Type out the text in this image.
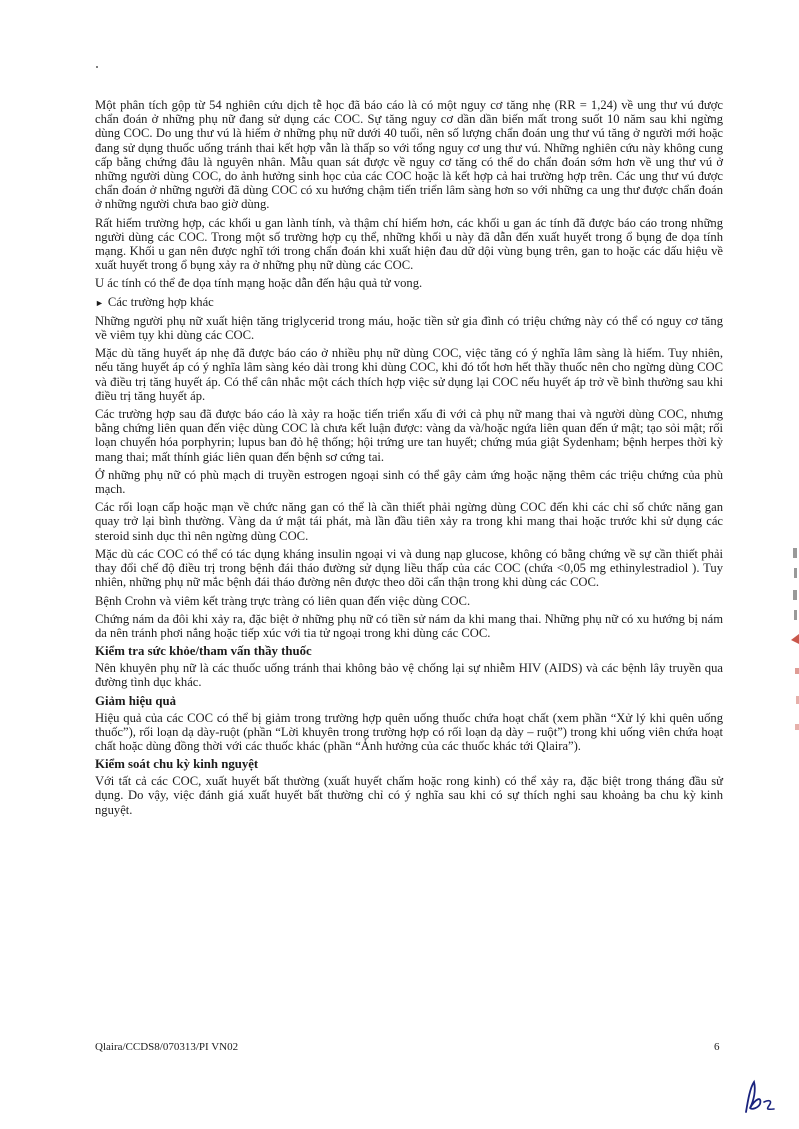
Một phân tích gộp từ 54 nghiên cứu dịch tễ học đã báo cáo là có một nguy cơ tăng nhẹ (RR = 1,24) về ung thư vú được chẩn đoán ở những phụ nữ đang sử dụng các COC. Sự tăng nguy cơ dần dần biến mất trong suốt 10 năm sau khi ngừng dùng COC. Do ung thư vú là hiếm ở những phụ nữ dưới 40 tuổi, nên số lượng chẩn đoán ung thư vú tăng ở người mới hoặc đang sử dụng thuốc uống tránh thai kết hợp vẫn là thấp so với tổng nguy cơ ung thư vú. Những nghiên cứu này không cung cấp bằng chứng đâu là nguyên nhân. Mẫu quan sát được về nguy cơ tăng có thể do chẩn đoán sớm hơn về ung thư vú ở những người dùng COC, do ảnh hưởng sinh học của các COC hoặc là kết hợp cả hai trường hợp trên. Các ung thư vú được chẩn đoán ở những người đã dùng COC có xu hướng chậm tiến triển lâm sàng hơn so với những ca ung thư được chẩn đoán ở những người chưa bao giờ dùng.

Rất hiếm trường hợp, các khối u gan lành tính, và thậm chí hiếm hơn, các khối u gan ác tính đã được báo cáo trong những người dùng các COC. Trong một số trường hợp cụ thể, những khối u này đã dẫn đến xuất huyết trong ổ bụng đe dọa tính mạng. Khối u gan nên được nghĩ tới trong chẩn đoán khi xuất hiện đau dữ dội vùng bụng trên, gan to hoặc các dấu hiệu về xuất huyết trong ổ bụng xảy ra ở những phụ nữ dùng các COC.

U ác tính có thể đe dọa tính mạng hoặc dẫn đến hậu quả tử vong.

► Các trường hợp khác

Những người phụ nữ xuất hiện tăng triglycerid trong máu, hoặc tiền sử gia đình có triệu chứng này có thể có nguy cơ tăng về viêm tụy khi dùng các COC.

Mặc dù tăng huyết áp nhẹ đã được báo cáo ở nhiều phụ nữ dùng COC, việc tăng có ý nghĩa lâm sàng là hiếm. Tuy nhiên, nếu tăng huyết áp có ý nghĩa lâm sàng kéo dài trong khi dùng COC, khi đó tốt hơn hết thầy thuốc nên cho ngừng dùng COC và điều trị tăng huyết áp. Có thể cân nhắc một cách thích hợp việc sử dụng lại COC nếu huyết áp trở về bình thường sau khi điều trị tăng huyết áp.

Các trường hợp sau đã được báo cáo là xảy ra hoặc tiến triển xấu đi với cả phụ nữ mang thai và người dùng COC, nhưng bằng chứng liên quan đến việc dùng COC là chưa kết luận được: vàng da và/hoặc ngứa liên quan đến ứ mật; tạo sỏi mật; rối loạn chuyển hóa porphyrin; lupus ban đỏ hệ thống; hội trứng ure tan huyết; chứng múa giật Sydenham; bệnh herpes thời kỳ mang thai; mất thính giác liên quan đến bệnh sơ cứng tai.

Ở những phụ nữ có phù mạch di truyền estrogen ngoại sinh có thể gây cảm ứng hoặc nặng thêm các triệu chứng của phù mạch.

Các rối loạn cấp hoặc mạn về chức năng gan có thể là cần thiết phải ngừng dùng COC đến khi các chỉ số chức năng gan quay trở lại bình thường. Vàng da ứ mật tái phát, mà lần đầu tiên xảy ra trong khi mang thai hoặc trước khi sử dụng các steroid sinh dục thì nên ngừng dùng COC.

Mặc dù các COC có thể có tác dụng kháng insulin ngoại vi và dung nạp glucose, không có bằng chứng về sự cần thiết phải thay đổi chế độ điều trị trong bệnh đái tháo đường sử dụng liều thấp của các COC (chứa <0,05 mg ethinylestradiol ). Tuy nhiên, những phụ nữ mắc bệnh đái tháo đường nên được theo dõi cẩn thận trong khi dùng các COC.

Bệnh Crohn và viêm kết tràng trực tràng có liên quan đến việc dùng COC.

Chứng nám da đôi khi xảy ra, đặc biệt ở những phụ nữ có tiền sử nám da khi mang thai. Những phụ nữ có xu hướng bị nám da nên tránh phơi nắng hoặc tiếp xúc với tia tử ngoại trong khi dùng các COC.

Kiểm tra sức khỏe/tham vấn thầy thuốc

Nên khuyên phụ nữ là các thuốc uống tránh thai không bảo vệ chống lại sự nhiễm HIV (AIDS) và các bệnh lây truyền qua đường tình dục khác.

Giảm hiệu quả

Hiệu quả của các COC có thể bị giảm trong trường hợp quên uống thuốc chứa hoạt chất (xem phần “Xử lý khi quên uống thuốc”), rối loạn dạ dày-ruột (phần “Lời khuyên trong trường hợp có rối loạn dạ dày – ruột”) trong khi uống viên chứa hoạt chất hoặc dùng đồng thời với các thuốc khác (phần “Ảnh hưởng của các thuốc khác tới Qlaira”).

Kiểm soát chu kỳ kinh nguyệt

Với tất cả các COC, xuất huyết bất thường (xuất huyết chấm hoặc rong kinh) có thể xảy ra, đặc biệt trong tháng đầu sử dụng. Do vậy, việc đánh giá xuất huyết bất thường chỉ có ý nghĩa sau khi có sự thích nghi sau khoảng ba chu kỳ kinh nguyệt.

Qlaira/CCDS8/070313/PI VN02	6
